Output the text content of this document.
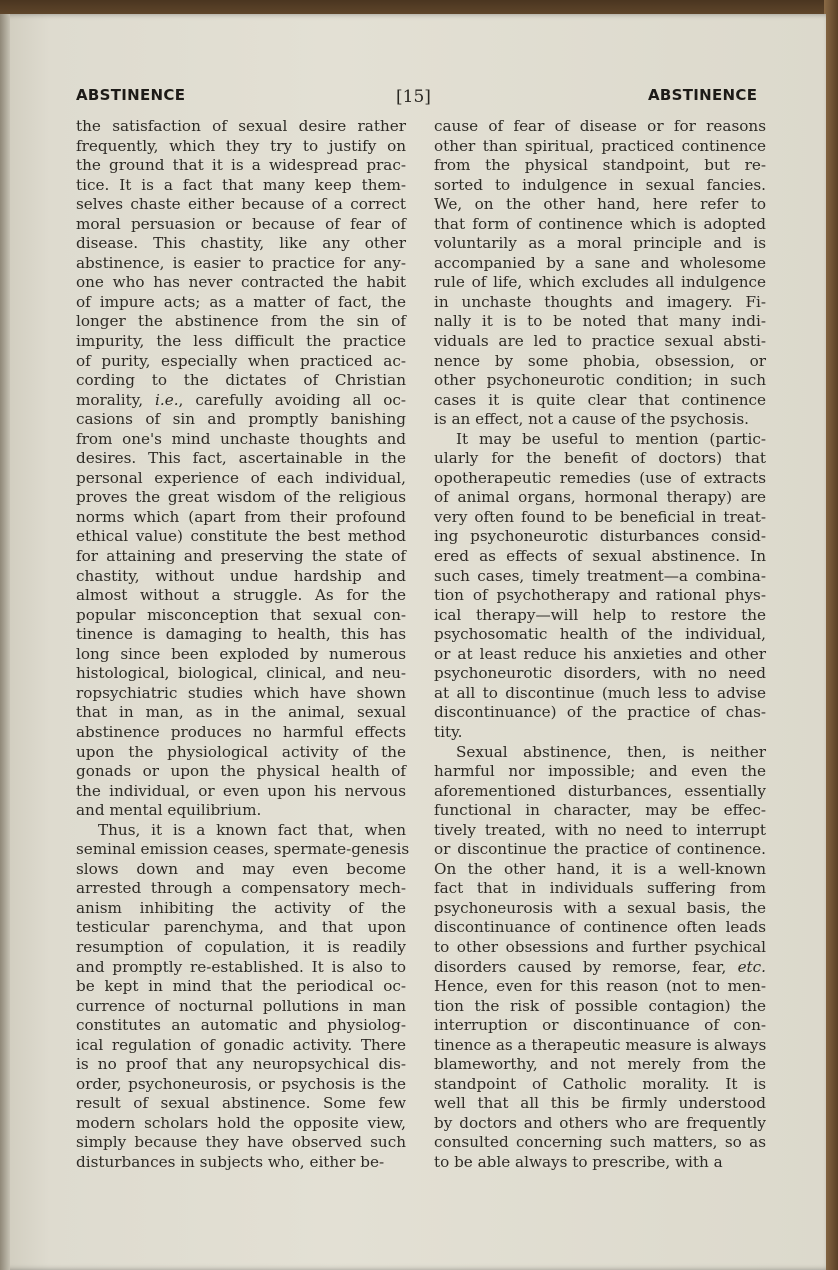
ABSTINENCE	[15]	ABSTINENCE
the satisfaction of sexual desire rather
frequently, which they try to justify on
the ground that it is a widespread prac-
tice. It is a fact that many keep them-
selves chaste either because of a correct
moral persuasion or because of fear of
disease. This chastity, like any other
abstinence, is easier to practice for any-
one who has never contracted the habit
of impure acts; as a matter of fact, the
longer the abstinence from the sin of
impurity, the less difficult the practice
of purity, especially when practiced ac-
cording to the dictates of Christian
morality, i.e., carefully avoiding all oc-
casions of sin and promptly banishing
from one's mind unchaste thoughts and
desires. This fact, ascertainable in the
personal experience of each individual,
proves the great wisdom of the religious
norms which (apart from their profound
ethical value) constitute the best method
for attaining and preserving the state of
chastity, without undue hardship and
almost without a struggle. As for the
popular misconception that sexual con-
tinence is damaging to health, this has
long since been exploded by numerous
histological, biological, clinical, and neu-
ropsychiatric studies which have shown
that in man, as in the animal, sexual
abstinence produces no harmful effects
upon the physiological activity of the
gonads or upon the physical health of
the individual, or even upon his nervous
and mental equilibrium.
Thus, it is a known fact that, when
seminal emission ceases, spermate-genesis
slows down and may even become
arrested through a compensatory mech-
anism inhibiting the activity of the
testicular parenchyma, and that upon
resumption of copulation, it is readily
and promptly re-established. It is also to
be kept in mind that the periodical oc-
currence of nocturnal pollutions in man
constitutes an automatic and physiolog-
ical regulation of gonadic activity. There
is no proof that any neuropsychical dis-
order, psychoneurosis, or psychosis is the
result of sexual abstinence. Some few
modern scholars hold the opposite view,
simply because they have observed such
disturbances in subjects who, either be-
cause of fear of disease or for reasons
other than spiritual, practiced continence
from the physical standpoint, but re-
sorted to indulgence in sexual fancies.
We, on the other hand, here refer to
that form of continence which is adopted
voluntarily as a moral principle and is
accompanied by a sane and wholesome
rule of life, which excludes all indulgence
in unchaste thoughts and imagery. Fi-
nally it is to be noted that many indi-
viduals are led to practice sexual absti-
nence by some phobia, obsession, or
other psychoneurotic condition; in such
cases it is quite clear that continence
is an effect, not a cause of the psychosis.
It may be useful to mention (partic-
ularly for the benefit of doctors) that
opotherapeutic remedies (use of extracts
of animal organs, hormonal therapy) are
very often found to be beneficial in treat-
ing psychoneurotic disturbances consid-
ered as effects of sexual abstinence. In
such cases, timely treatment—a combina-
tion of psychotherapy and rational phys-
ical therapy—will help to restore the
psychosomatic health of the individual,
or at least reduce his anxieties and other
psychoneurotic disorders, with no need
at all to discontinue (much less to advise
discontinuance) of the practice of chas-
tity.
Sexual abstinence, then, is neither
harmful nor impossible; and even the
aforementioned disturbances, essentially
functional in character, may be effec-
tively treated, with no need to interrupt
or discontinue the practice of continence.
On the other hand, it is a well-known
fact that in individuals suffering from
psychoneurosis with a sexual basis, the
discontinuance of continence often leads
to other obsessions and further psychical
disorders caused by remorse, fear, etc.
Hence, even for this reason (not to men-
tion the risk of possible contagion) the
interruption or discontinuance of con-
tinence as a therapeutic measure is always
blameworthy, and not merely from the
standpoint of Catholic morality. It is
well that all this be firmly understood
by doctors and others who are frequently
consulted concerning such matters, so as
to be able always to prescribe, with a
